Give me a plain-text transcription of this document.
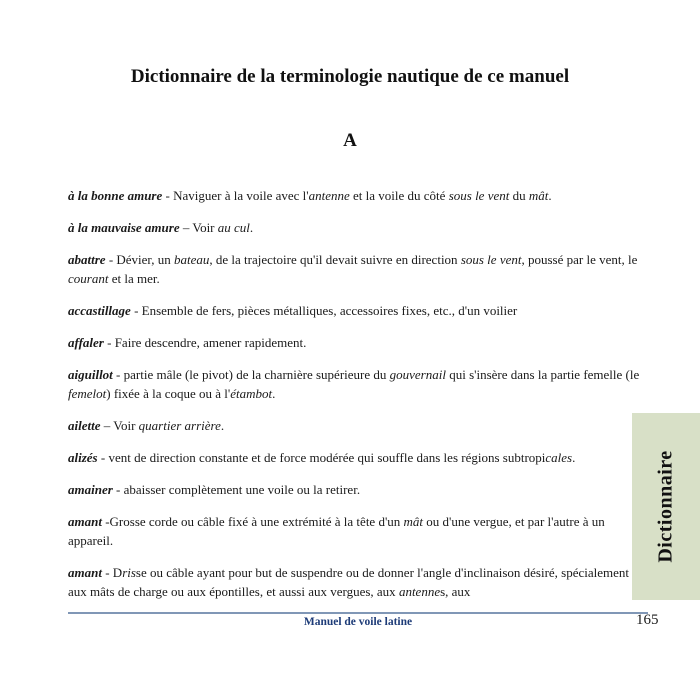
Dictionnaire de la terminologie nautique de ce manuel
A

à la bonne amure - Naviguer à la voile avec l'antenne et la voile du côté sous le vent du mât.

à la mauvaise amure – Voir au cul.

abattre - Dévier, un bateau, de la trajectoire qu'il devait suivre en direction sous le vent, poussé par le vent, le courant et la mer.

accastillage - Ensemble de fers, pièces métalliques, accessoires fixes, etc., d'un voilier

affaler - Faire descendre, amener rapidement.

aiguillot - partie mâle (le pivot) de la charnière supérieure du gouvernail qui s'insère dans la partie femelle (le femelot) fixée à la coque ou à l'étambot.

ailette – Voir quartier arrière.

alizés - vent de direction constante et de force modérée qui souffle dans les régions subtropicales.

amainer - abaisser complètement une voile ou la retirer.

amant -Grosse corde ou câble fixé à une extrémité à la tête d'un mât ou d'une vergue, et par l'autre à un appareil.

amant - Drisse ou câble ayant pour but de suspendre ou de donner l'angle d'inclinaison désiré, spécialement aux mâts de charge ou aux épontilles, et aussi aux vergues, aux antennes, aux

Dictionnaire
Manuel de voile latine	165
